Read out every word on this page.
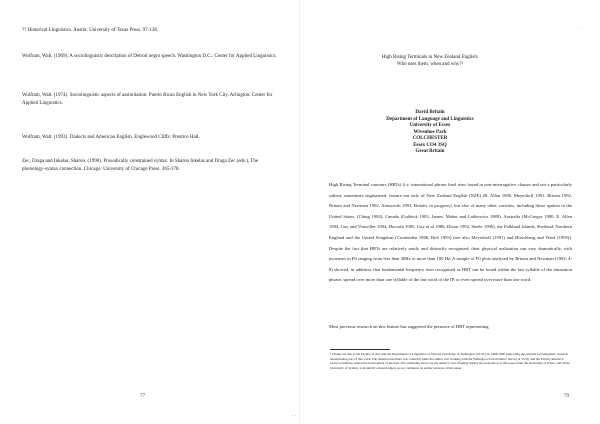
?? Historical Linguistics. Austin: University of Texas Press. 97-138.
Wolfram, Walt. (1969). A sociolinguistic description of Detroit negro speech. Washington D.C.: Center for Applied Linguistics.
Wolfram, Walt. (1974). Sociolinguistic aspects of assimilation: Puerto Rican English in New York City. Arlington: Center for Applied Linguistics.
Wolfram, Walt. (1993). Dialects and American English. Englewood Cliffs: Prentice Hall.
Zec, Draga and Inkelas, Sharon. (1990). Prosodically constrained syntax. In Sharon Inkelas and Draga Zec (eds.), The phonology-syntax connection. Chicago: University of Chicago Press. 365-378.
77
· ·
·
High Rising Terminals in New Zealand English:
Who uses them, when and why?¹
David Britain
Department of Language and Linguistics
University of Essex
Wivenhoe Park
COLCHESTER
Essex CO4 3SQ
Great Britain
High Rising Terminal contours (HRTs) (i.e. intonational phrase final rises found in non-interrogative clauses and not a particularly salient, sometimes stigmatised, feature not only of New Zealand English (NZE) (B. Allan 1990, Meyerhoff 1991, Britain 1992, Britain and Newman 1992, Ainsworth 1993, Britain, in progress), but also of many other varieties, including those spoken in the United States, (Ching 1982), Canada (Guldeck 1983, James, Mahut and Latkiewicz 1989), Australia (McGregor 1980, E. Allen 1984, Guy and Vonwiller 1984, Horvath 1985, Guy et al 1986, Dixon 1992, Steele 1996), the Falkland Islands, Shetland, Northern England and the United Kingdom (Cruttenden 1986, Bolt 1993) (see also Meyerhoff (1991) and Hirschberg and Ward (1995)). Despite the fact that HRTs are relatively easily and distinctly recognised, their physical realization can vary dramatically, with increases in F0 ranging from less than 30Hz to more than 100 Hz. A sample of F0 plots analysed by Britain and Newman (1992: 4-8) showed, in addition, that fundamental frequency rises recognised as HRT can be found within the last syllable of the intonation phrase, spread over more than one syllable of the last word of the IP, or even spread over more than one word.
Most previous research on this feature has suggested the presence of HRT representing
¹ Thanks are due to the Faculty of Arts and the Department of Linguistics at Victoria University of Wellington (VUW), in 1988-1990 supporting the original sociolinguistic research underpinning part of this work. The material used here was collected while the author was working with the Wellington Social Dialect Survey at VUW, and the Faculty Research Grant Committee supported transcription of the data. The remaining errors are the author's own. Funding during the preparation of this paper from the University of Essex, and of the University of Sydney, is gratefully acknowledged, as are comments on earlier versions of this paper.
79
